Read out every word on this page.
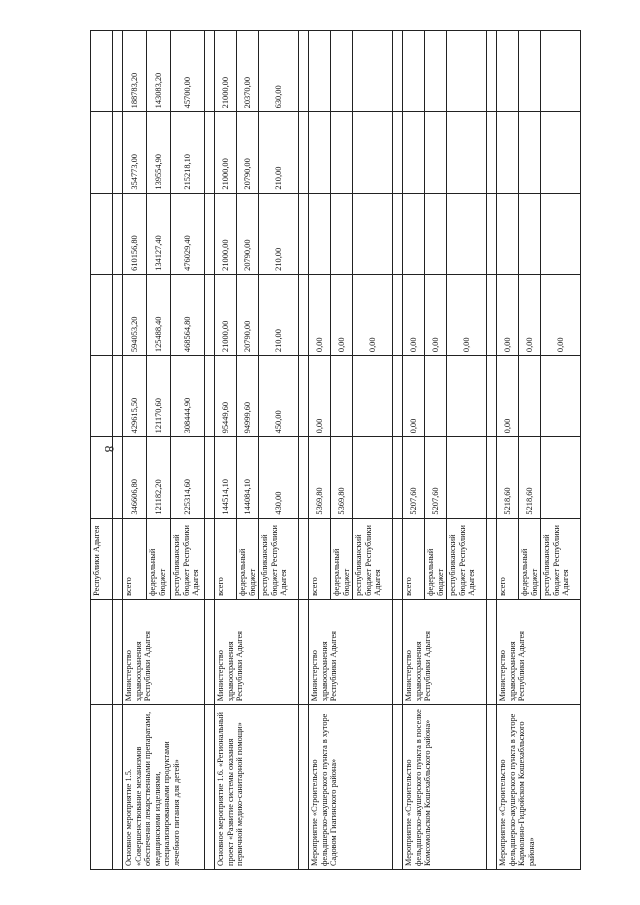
8
		Республики Адыгея						

Основное мероприятие 1.5. «Совершенствование механизмов обеспечения лекарственными препаратами, медицинскими изделиями, специализированными продуктами лечебного питания для детей»	Министерство здравоохранения Республики Адыгея	всего	346606,80	429615,50	594053,20	610156,80	354773,00	188783,20
		федеральный бюджет	121182,20	121170,60	125488,40	134127,40	139554,90	143083,20
		республиканский бюджет Республики Адыгея	225314,60	308444,90	468564,80	476029,40	215218,10	45700,00

Основное мероприятие 1.6. «Региональный проект «Развитие системы оказания первичной медико-санитарной помощи»	Министерство здравоохранения Республики Адыгея	всего	144514,10	95449,60	21000,00	21000,00	21000,00	21000,00
		федеральный бюджет	144084,10	94999,60	20790,00	20790,00	20790,00	20370,00
		республиканский бюджет Республики Адыгея	430,00	450,00	210,00	210,00	210,00	630,00

Мероприятие «Строительство фельдшерско-акушерского пункта в хуторе Садовом Гиагинского района»	Министерство здравоохранения Республики Адыгея	всего	5369,80	0,00	0,00			
		федеральный бюджет	5369,80		0,00			
		республиканский бюджет Республики Адыгея			0,00			

Мероприятие «Строительство фельдшерско-акушерского пункта в поселке Комсомольском Кошехабльского района»	Министерство здравоохранения Республики Адыгея	всего	5207,60	0,00	0,00			
		федеральный бюджет	5207,60		0,00			
		республиканский бюджет Республики Адыгея			0,00			

Мероприятие «Строительство фельдшерско-акушерского пункта в хуторе Кармолино-Гидройском Кошехабльского района»	Министерство здравоохранения Республики Адыгея	всего	5218,60	0,00	0,00			
		федеральный бюджет	5218,60		0,00			
		республиканский бюджет Республики Адыгея			0,00			
